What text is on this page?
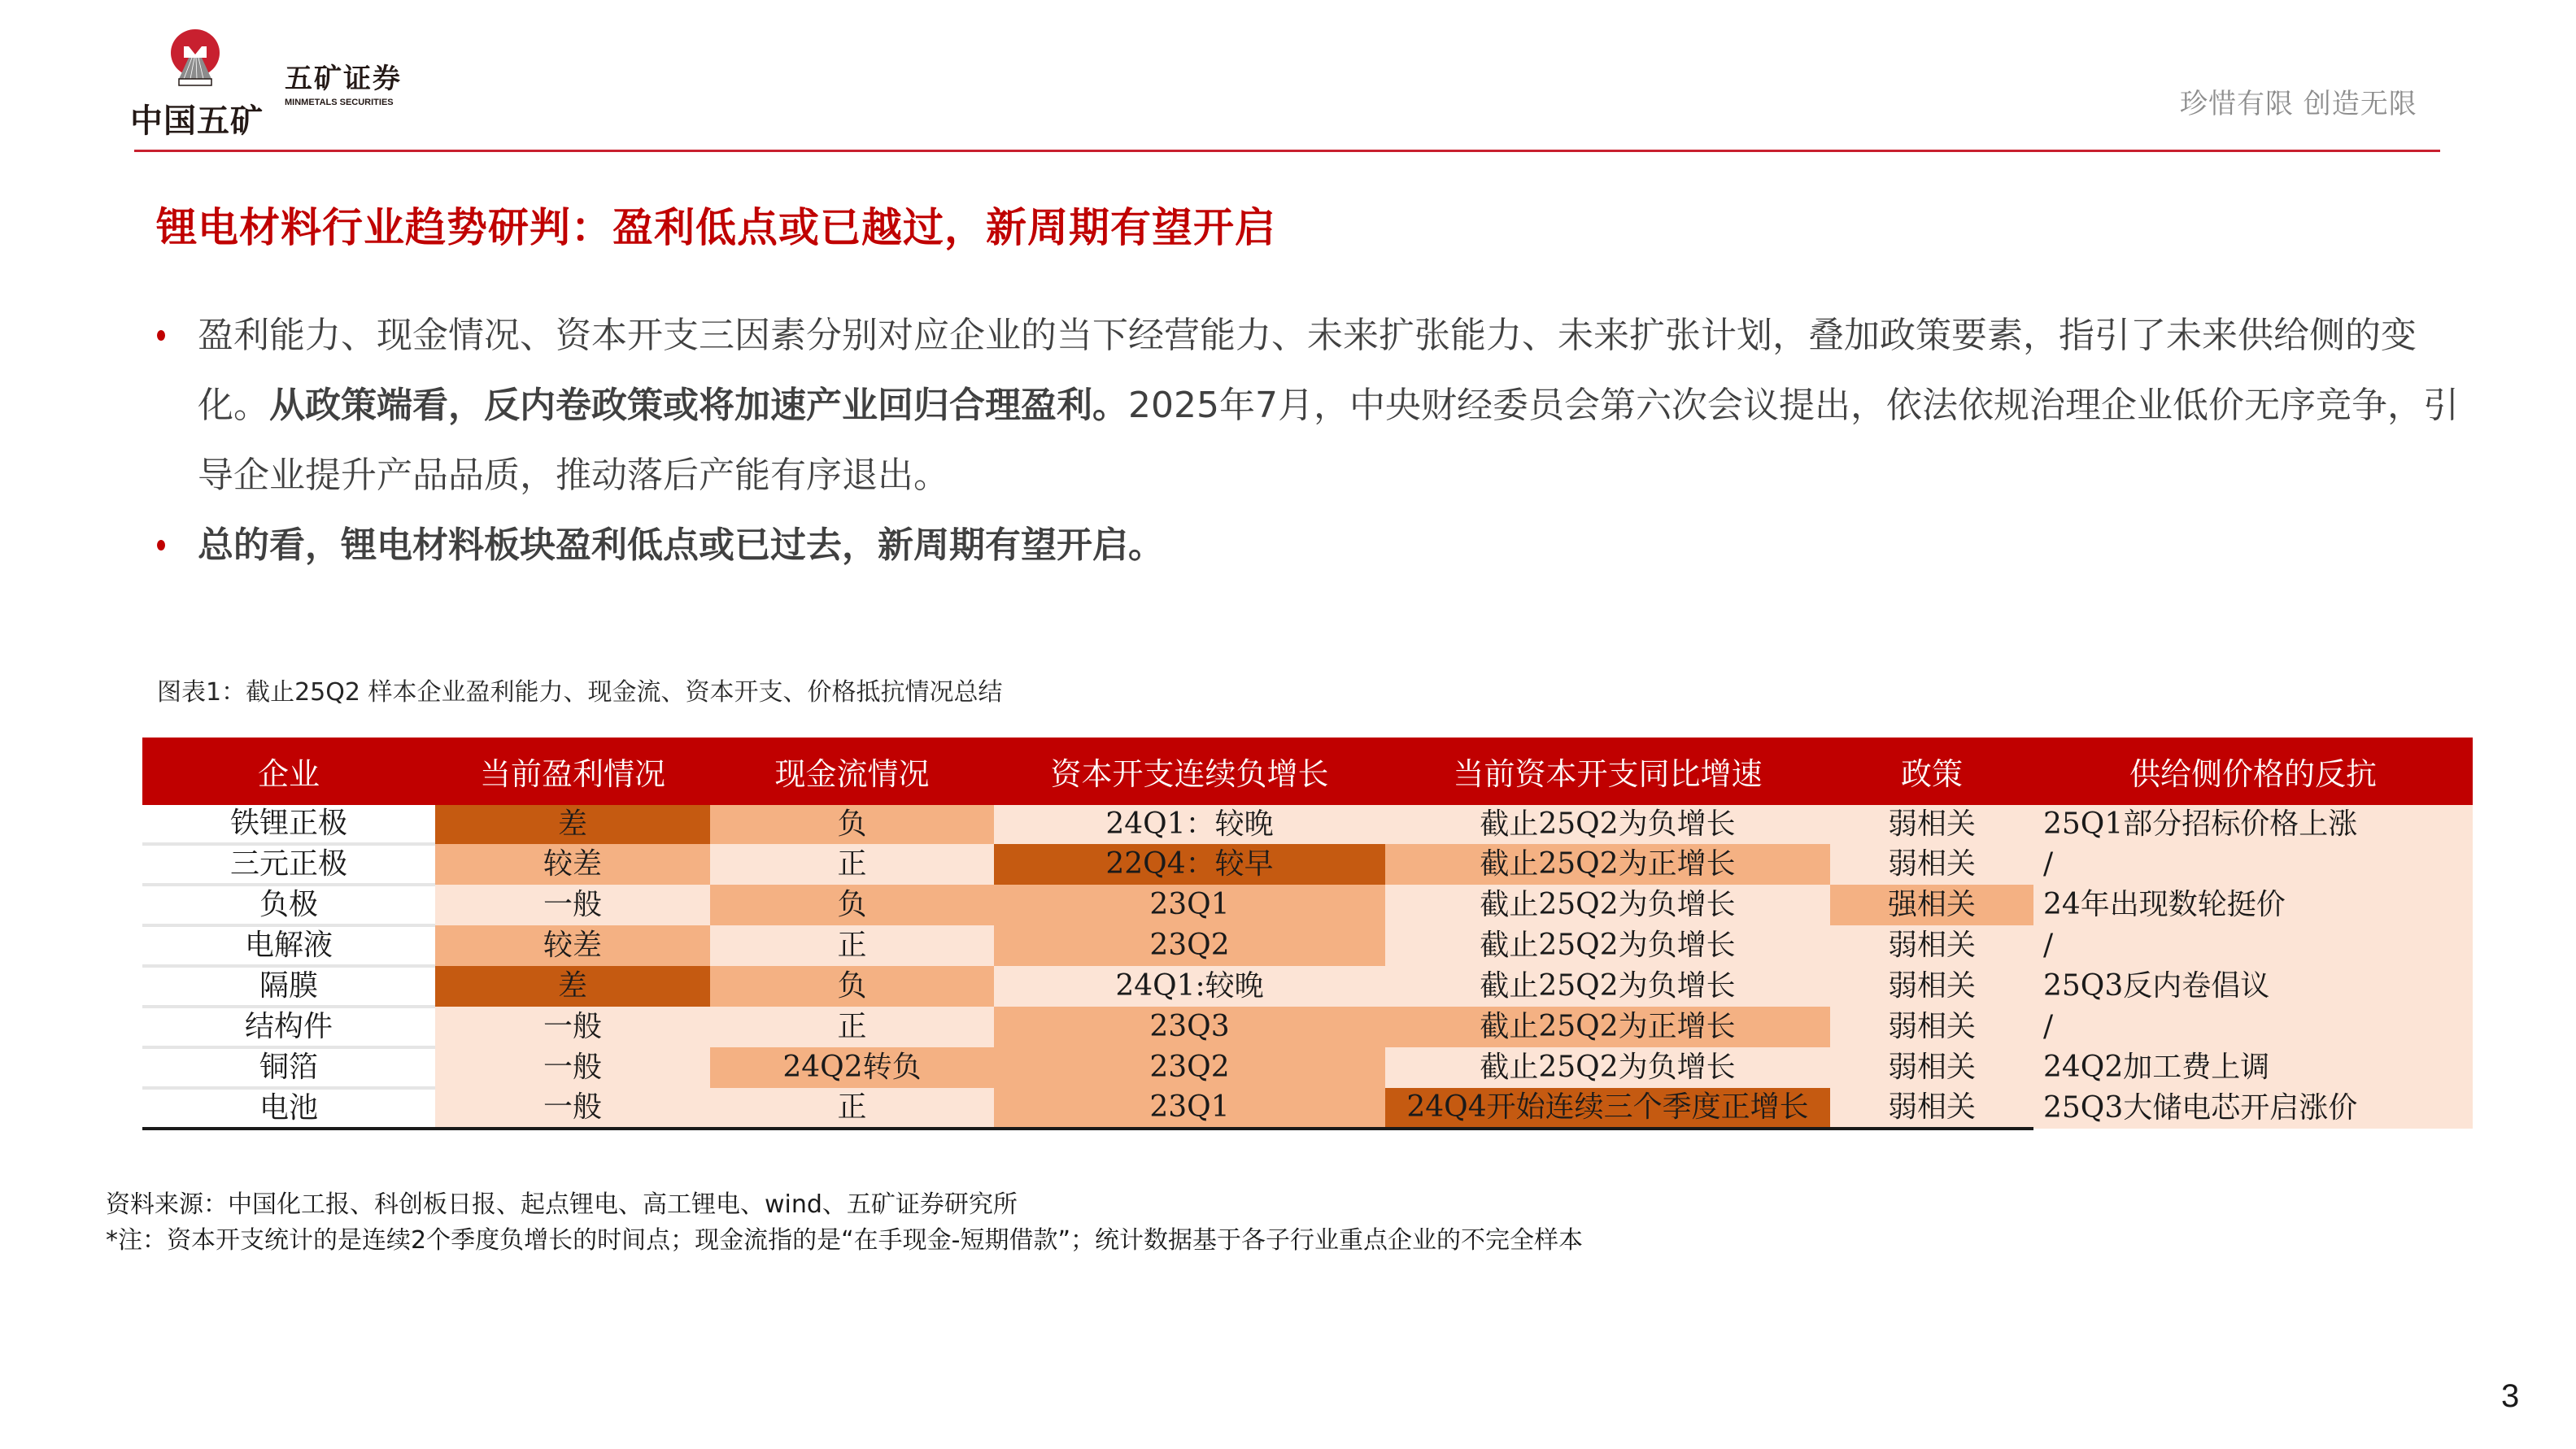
中国五矿
五矿证券
MINMETALS SECURITIES	珍惜有限 创造无限
锂电材料行业趋势研判：盈利低点或已越过，新周期有望开启
盈利能力、现金情况、资本开支三因素分别对应企业的当下经营能力、未来扩张能力、未来扩张计划，叠加政策要素，指引了未来供给侧的变化。从政策端看，反内卷政策或将加速产业回归合理盈利。2025年7月，中央财经委员会第六次会议提出，依法依规治理企业低价无序竞争，引导企业提升产品品质，推动落后产能有序退出。
总的看，锂电材料板块盈利低点或已过去，新周期有望开启。
图表1：截止25Q2 样本企业盈利能力、现金流、资本开支、价格抵抗情况总结
企业	当前盈利情况	现金流情况	资本开支连续负增长	当前资本开支同比增速	政策	供给侧价格的反抗
铁锂正极	差	负	24Q1：较晚	截止25Q2为负增长	弱相关	25Q1部分招标价格上涨
三元正极	较差	正	22Q4：较早	截止25Q2为正增长	弱相关	/
负极	一般	负	23Q1	截止25Q2为负增长	强相关	24年出现数轮挺价
电解液	较差	正	23Q2	截止25Q2为负增长	弱相关	/
隔膜	差	负	24Q1:较晚	截止25Q2为负增长	弱相关	25Q3反内卷倡议
结构件	一般	正	23Q3	截止25Q2为正增长	弱相关	/
铜箔	一般	24Q2转负	23Q2	截止25Q2为负增长	弱相关	24Q2加工费上调
电池	一般	正	23Q1	24Q4开始连续三个季度正增长	弱相关	25Q3大储电芯开启涨价
资料来源：中国化工报、科创板日报、起点锂电、高工锂电、wind、五矿证券研究所
*注：资本开支统计的是连续2个季度负增长的时间点；现金流指的是“在手现金-短期借款”；统计数据基于各子行业重点企业的不完全样本
3
